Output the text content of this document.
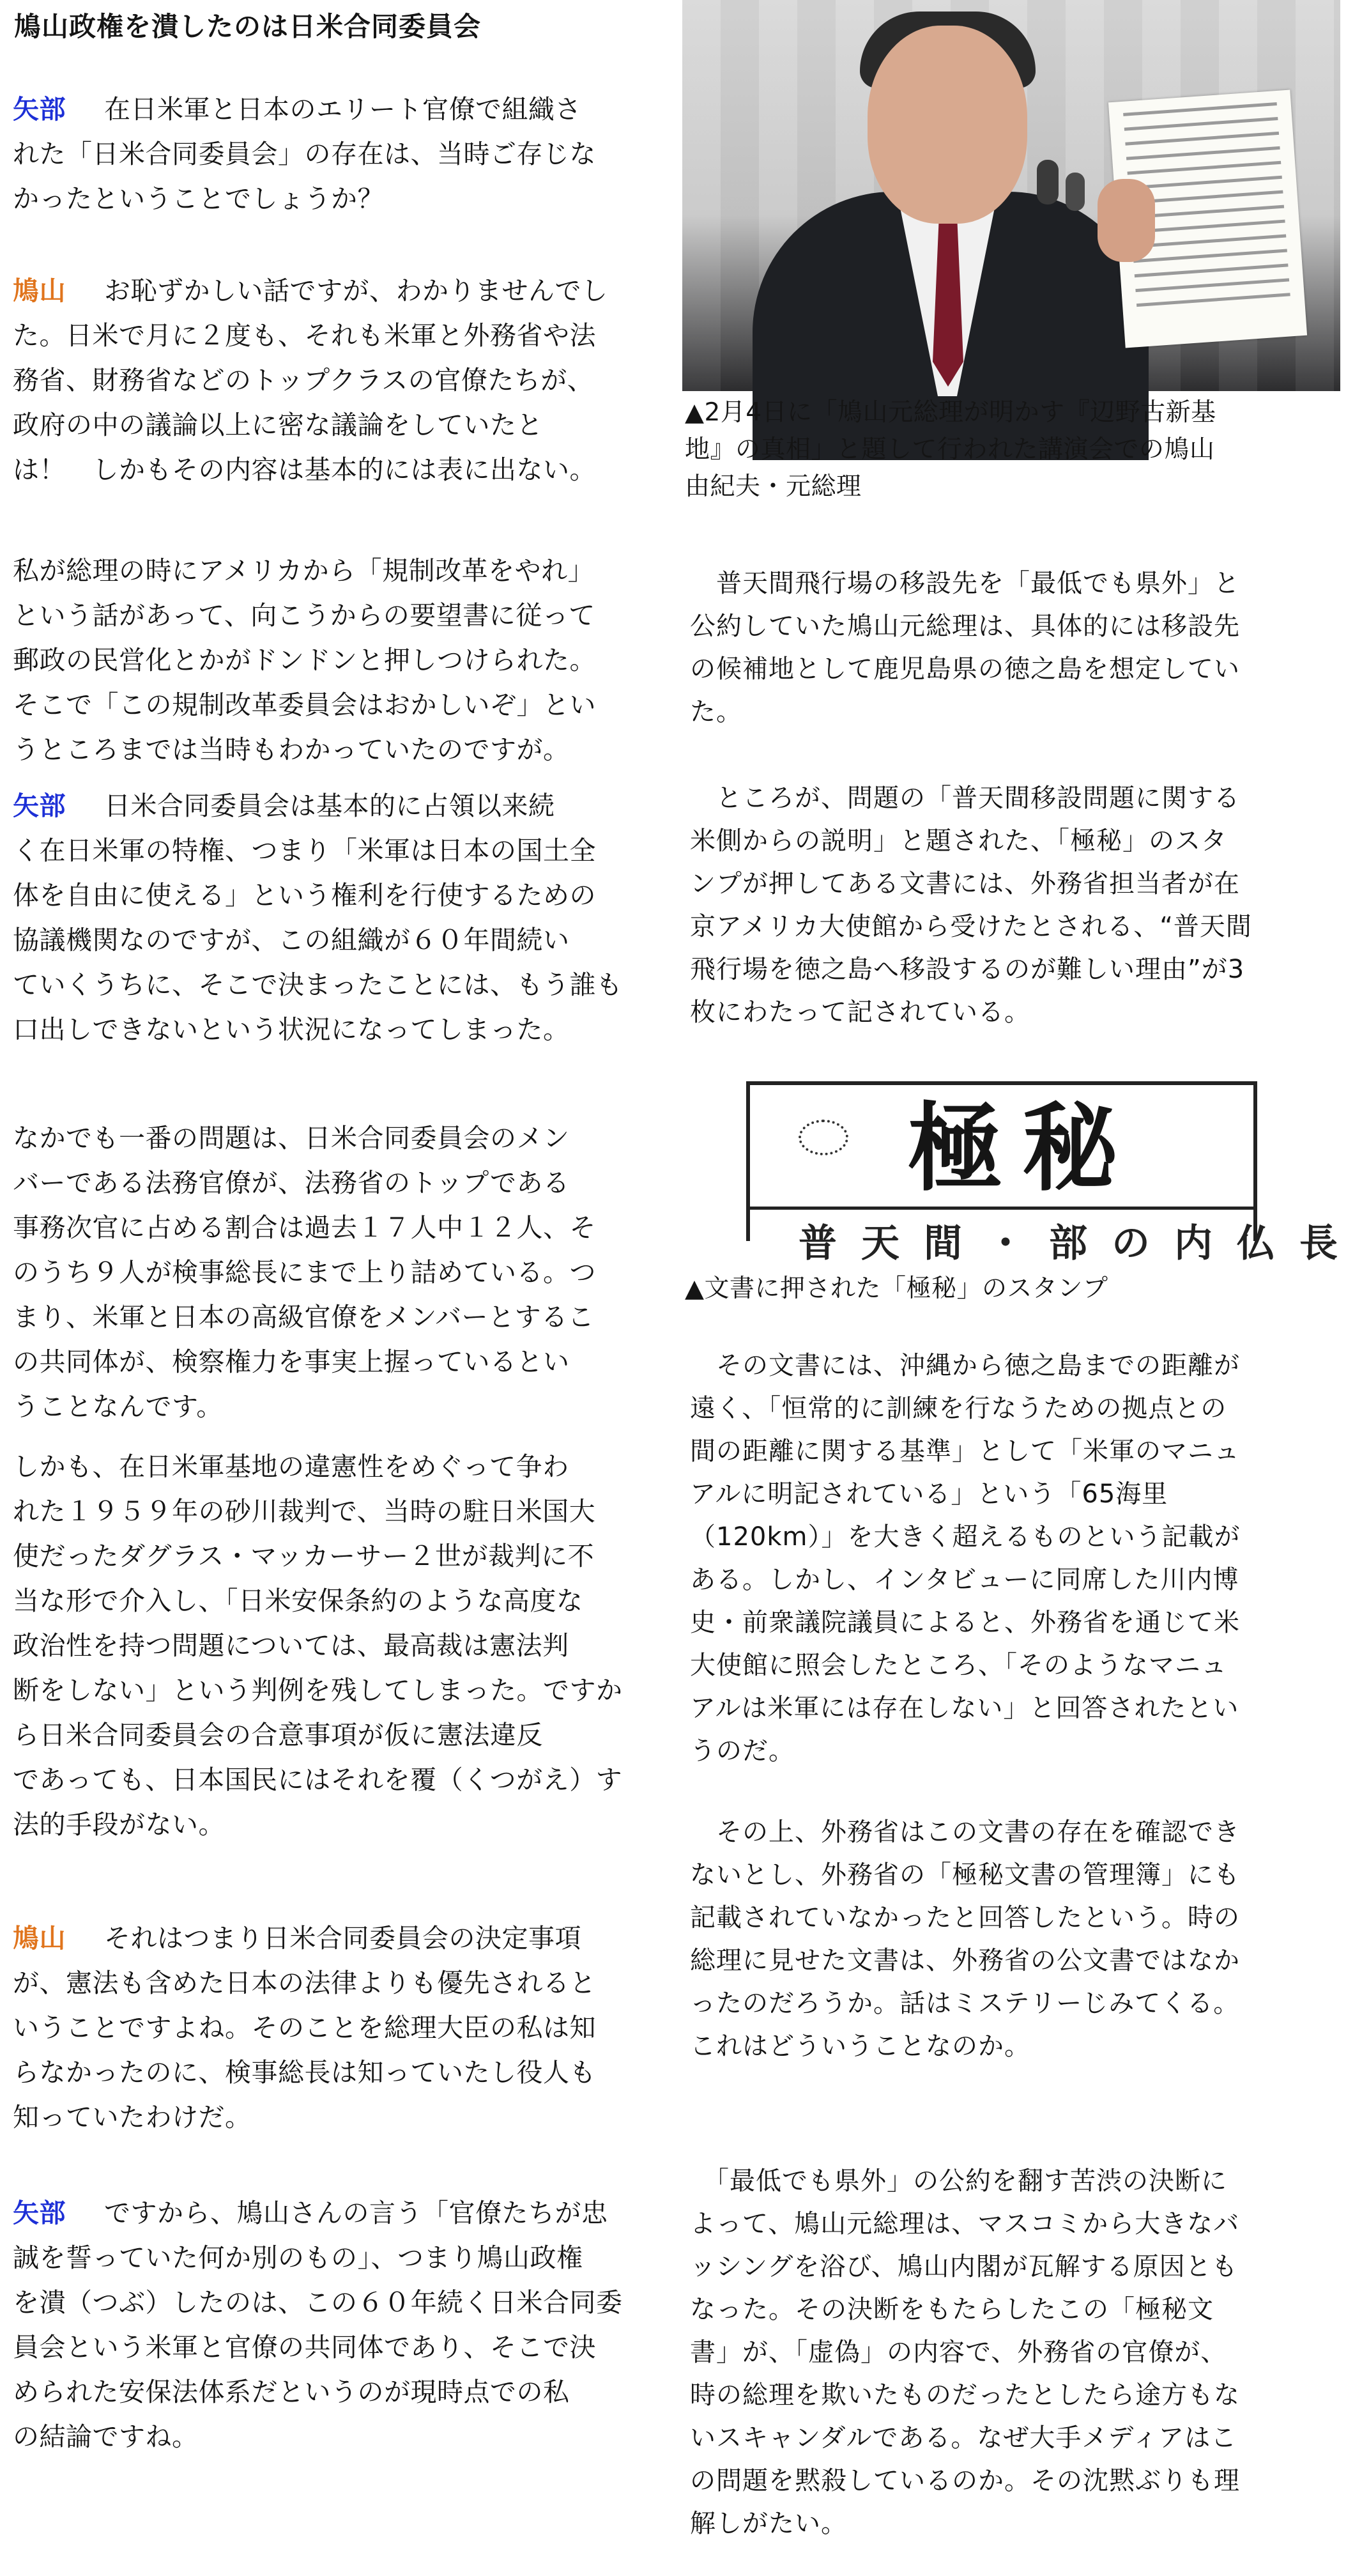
鳩山政権を潰したのは日米合同委員会
矢部 在日米軍と日本のエリート官僚で組織さ
れた「日米合同委員会」の存在は、当時ご存じな
かったということでしょうか？
鳩山 お恥ずかしい話ですが、わかりませんでし
た。日米で月に２度も、それも米軍と外務省や法
務省、財務省などのトップクラスの官僚たちが、
政府の中の議論以上に密な議論をしていたと
は！　しかもその内容は基本的には表に出ない。
私が総理の時にアメリカから「規制改革をやれ」
という話があって、向こうからの要望書に従って
郵政の民営化とかがドンドンと押しつけられた。
そこで「この規制改革委員会はおかしいぞ」とい
うところまでは当時もわかっていたのですが。
矢部 日米合同委員会は基本的に占領以来続
く在日米軍の特権、つまり「米軍は日本の国土全
体を自由に使える」という権利を行使するための
協議機関なのですが、この組織が６０年間続い
ていくうちに、そこで決まったことには、もう誰も
口出しできないという状況になってしまった。
なかでも一番の問題は、日米合同委員会のメン
バーである法務官僚が、法務省のトップである
事務次官に占める割合は過去１７人中１２人、そ
のうち９人が検事総長にまで上り詰めている。つ
まり、米軍と日本の高級官僚をメンバーとするこ
の共同体が、検察権力を事実上握っているとい
うことなんです。
しかも、在日米軍基地の違憲性をめぐって争わ
れた１９５９年の砂川裁判で、当時の駐日米国大
使だったダグラス・マッカーサー２世が裁判に不
当な形で介入し、「日米安保条約のような高度な
政治性を持つ問題については、最高裁は憲法判
断をしない」という判例を残してしまった。ですか
ら日米合同委員会の合意事項が仮に憲法違反
であっても、日本国民にはそれを覆（くつがえ）す
法的手段がない。
鳩山 それはつまり日米合同委員会の決定事項
が、憲法も含めた日本の法律よりも優先されると
いうことですよね。そのことを総理大臣の私は知
らなかったのに、検事総長は知っていたし役人も
知っていたわけだ。
矢部 ですから、鳩山さんの言う「官僚たちが忠
誠を誓っていた何か別のもの」、つまり鳩山政権
を潰（つぶ）したのは、この６０年続く日米合同委
員会という米軍と官僚の共同体であり、そこで決
められた安保法体系だというのが現時点での私
の結論ですね。
▲2月4日に「鳩山元総理が明かす『辺野古新基
地』の真相」と題して行われた講演会での鳩山
由紀夫・元総理
　普天間飛行場の移設先を「最低でも県外」と
公約していた鳩山元総理は、具体的には移設先
の候補地として鹿児島県の徳之島を想定してい
た。
　ところが、問題の「普天間移設問題に関する
米側からの説明」と題された、「極秘」のスタ
ンプが押してある文書には、外務省担当者が在
京アメリカ大使館から受けたとされる、“普天間
飛行場を徳之島へ移設するのが難しい理由”が3
枚にわたって記されている。
極秘
普天間・部の内仏長
▲文書に押された「極秘」のスタンプ
　その文書には、沖縄から徳之島までの距離が
遠く、「恒常的に訓練を行なうための拠点との
間の距離に関する基準」として「米軍のマニュ
アルに明記されている」という「65海里
（120km）」を大きく超えるものという記載が
ある。しかし、インタビューに同席した川内博
史・前衆議院議員によると、外務省を通じて米
大使館に照会したところ、「そのようなマニュ
アルは米軍には存在しない」と回答されたとい
うのだ。
　その上、外務省はこの文書の存在を確認でき
ないとし、外務省の「極秘文書の管理簿」にも
記載されていなかったと回答したという。時の
総理に見せた文書は、外務省の公文書ではなか
ったのだろうか。話はミステリーじみてくる。
これはどういうことなのか。
　「最低でも県外」の公約を翻す苦渋の決断に
よって、鳩山元総理は、マスコミから大きなバ
ッシングを浴び、鳩山内閣が瓦解する原因とも
なった。その決断をもたらしたこの「極秘文
書」が、「虚偽」の内容で、外務省の官僚が、
時の総理を欺いたものだったとしたら途方もな
いスキャンダルである。なぜ大手メディアはこ
の問題を黙殺しているのか。その沈黙ぶりも理
解しがたい。
